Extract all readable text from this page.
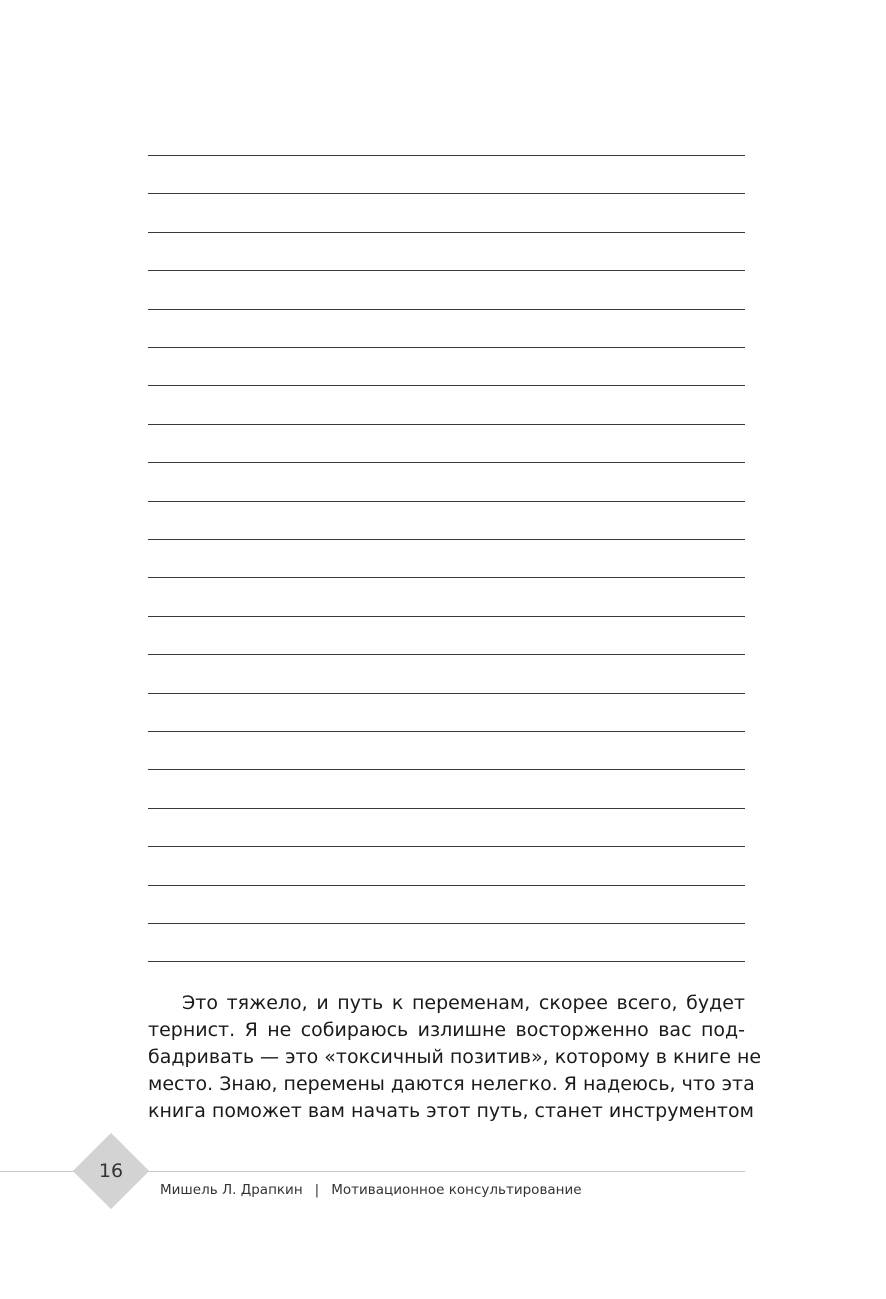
Это тяжело, и путь к переменам, скорее всего, будет
тернист. Я не собираюсь излишне восторженно вас под-
бадривать — это «токсичный позитив», которому в книге не
место. Знаю, перемены даются нелегко. Я надеюсь, что эта
книга поможет вам начать этот путь, станет инструментом
16
Мишель Л. Драпкин | Мотивационное консультирование
